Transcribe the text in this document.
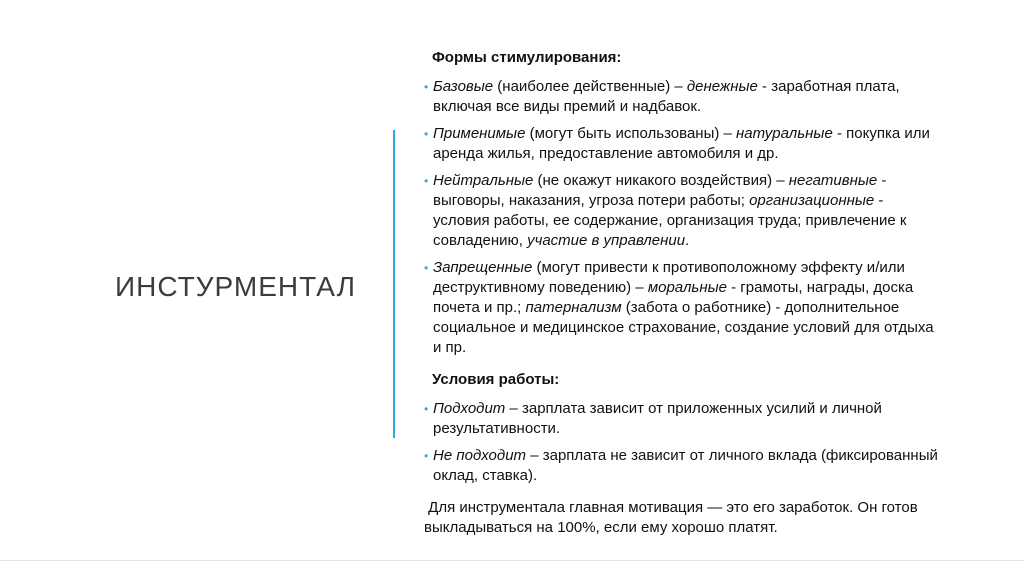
ИНСТУРМЕНТАЛ

Формы стимулирования:

• Базовые (наиболее действенные) – денежные - заработная плата, включая все виды премий и надбавок.
• Применимые (могут быть использованы) – натуральные - покупка или аренда жилья, предоставление автомобиля и др.
• Нейтральные (не окажут никакого воздействия) – негативные - выговоры, наказания, угроза потери работы; организационные - условия работы, ее содержание, организация труда; привлечение к совладению, участие в управлении.
• Запрещенные (могут привести к противоположному эффекту и/или деструктивному поведению) – моральные - грамоты, награды, доска почета и пр.; патернализм (забота о работнике) - дополнительное социальное и медицинское страхование, создание условий для отдыха и пр.

Условия работы:

• Подходит – зарплата зависит от приложенных усилий и личной результативности.
• Не подходит – зарплата не зависит от личного вклада (фиксированный оклад, ставка).

Для инструментала главная мотивация — это его заработок. Он готов выкладываться на 100%, если ему хорошо платят.
